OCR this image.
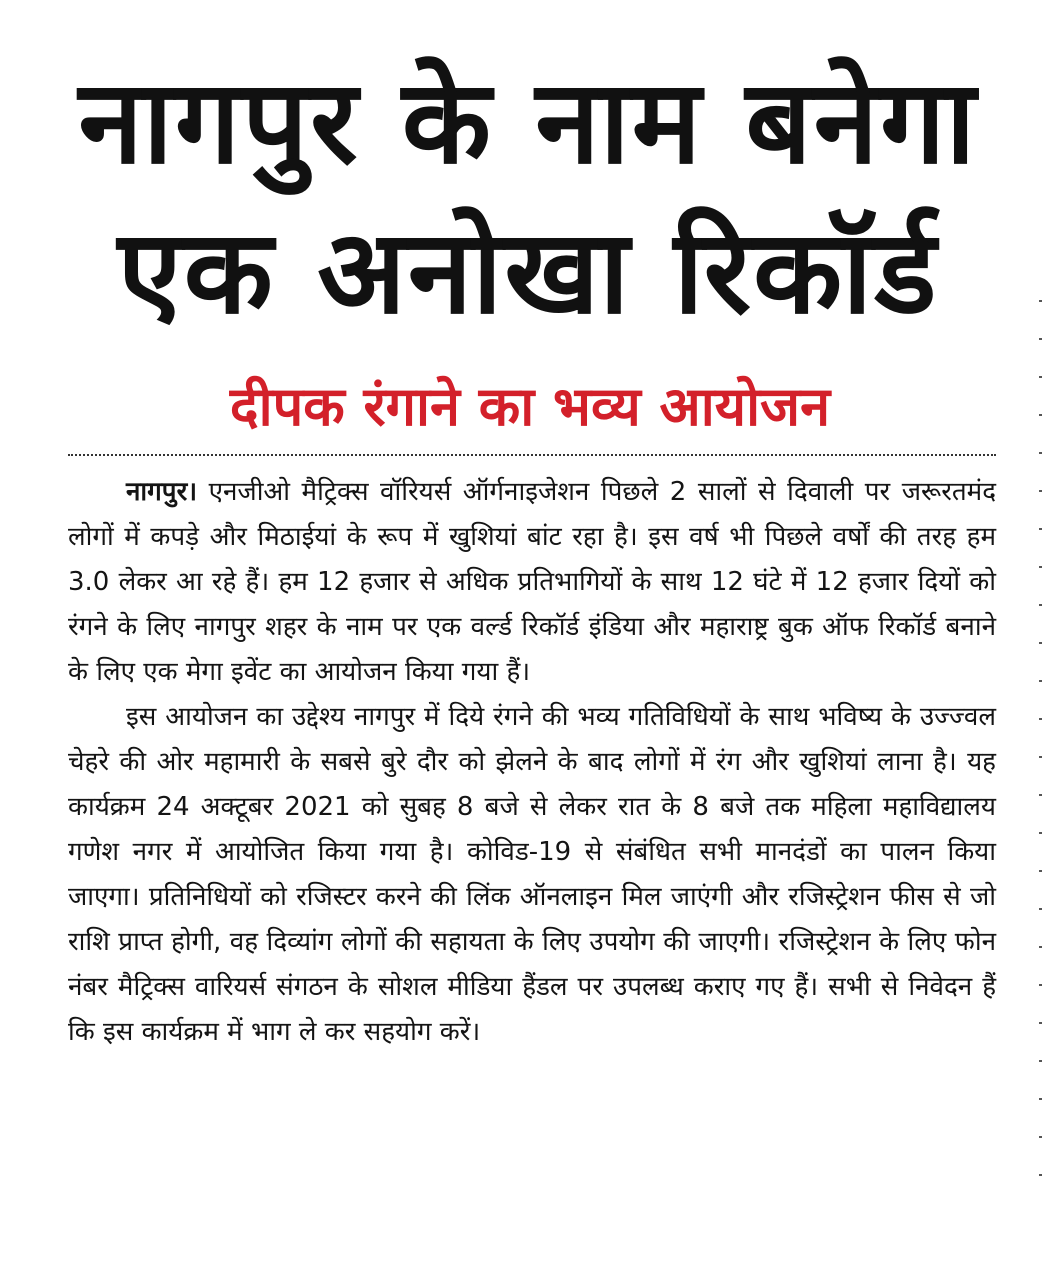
नागपुर के नाम बनेगा
एक अनोखा रिकॉर्ड
दीपक रंगाने का भव्य आयोजन

नागपुर। एनजीओ मैट्रिक्स वॉरियर्स ऑर्गनाइजेशन पिछले 2 सालों से दिवाली पर जरूरतमंद लोगों में कपड़े और मिठाईयां के रूप में खुशियां बांट रहा है। इस वर्ष भी पिछले वर्षों की तरह हम 3.0 लेकर आ रहे हैं। हम 12 हजार से अधिक प्रतिभागियों के साथ 12 घंटे में 12 हजार दियों को रंगने के लिए नागपुर शहर के नाम पर एक वर्ल्ड रिकॉर्ड इंडिया और महाराष्ट्र बुक ऑफ रिकॉर्ड बनाने के लिए एक मेगा इवेंट का आयोजन किया गया हैं।

इस आयोजन का उद्देश्य नागपुर में दिये रंगने की भव्य गतिविधियों के साथ भविष्य के उज्ज्वल चेहरे की ओर महामारी के सबसे बुरे दौर को झेलने के बाद लोगों में रंग और खुशियां लाना है। यह कार्यक्रम 24 अक्टूबर 2021 को सुबह 8 बजे से लेकर रात के 8 बजे तक महिला महाविद्यालय गणेश नगर में आयोजित किया गया है। कोविड-19 से संबंधित सभी मानदंडों का पालन किया जाएगा। प्रतिनिधियों को रजिस्टर करने की लिंक ऑनलाइन मिल जाएंगी और रजिस्ट्रेशन फीस से जो राशि प्राप्त होगी, वह दिव्यांग लोगों की सहायता के लिए उपयोग की जाएगी। रजिस्ट्रेशन के लिए फोन नंबर मैट्रिक्स वारियर्स संगठन के सोशल मीडिया हैंडल पर उपलब्ध कराए गए हैं। सभी से निवेदन हैं कि इस कार्यक्रम में भाग ले कर सहयोग करें।
